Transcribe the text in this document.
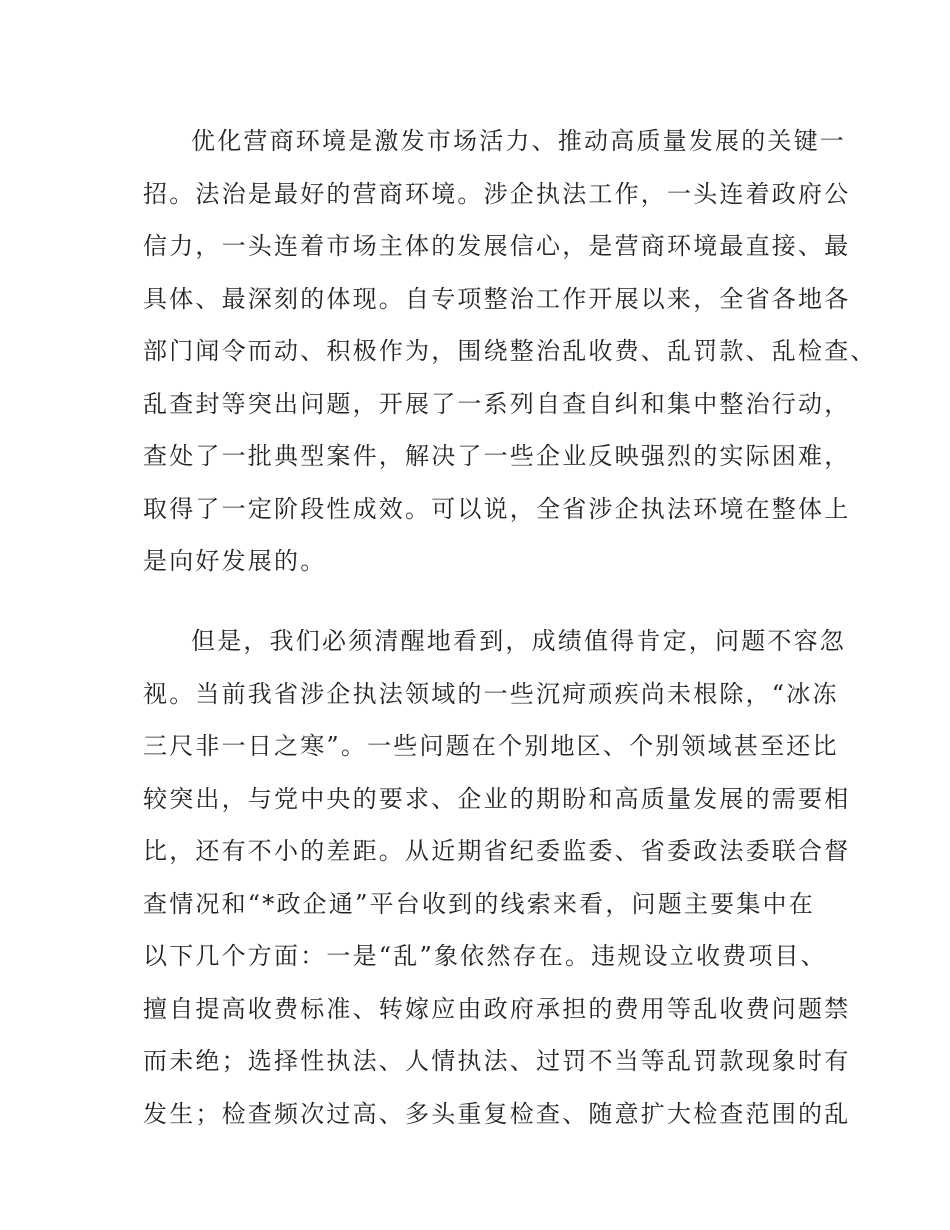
优化营商环境是激发市场活力、推动高质量发展的关键一
招。法治是最好的营商环境。涉企执法工作，一头连着政府公
信力，一头连着市场主体的发展信心，是营商环境最直接、最
具体、最深刻的体现。自专项整治工作开展以来，全省各地各
部门闻令而动、积极作为，围绕整治乱收费、乱罚款、乱检查、
乱查封等突出问题，开展了一系列自查自纠和集中整治行动，
查处了一批典型案件，解决了一些企业反映强烈的实际困难，
取得了一定阶段性成效。可以说，全省涉企执法环境在整体上
是向好发展的。
但是，我们必须清醒地看到，成绩值得肯定，问题不容忽
视。当前我省涉企执法领域的一些沉疴顽疾尚未根除，“冰冻
三尺非一日之寒”。一些问题在个别地区、个别领域甚至还比
较突出，与党中央的要求、企业的期盼和高质量发展的需要相
比，还有不小的差距。从近期省纪委监委、省委政法委联合督
查情况和“*政企通”平台收到的线索来看，问题主要集中在
以下几个方面：一是“乱”象依然存在。违规设立收费项目、
擅自提高收费标准、转嫁应由政府承担的费用等乱收费问题禁
而未绝；选择性执法、人情执法、过罚不当等乱罚款现象时有
发生；检查频次过高、多头重复检查、随意扩大检查范围的乱
